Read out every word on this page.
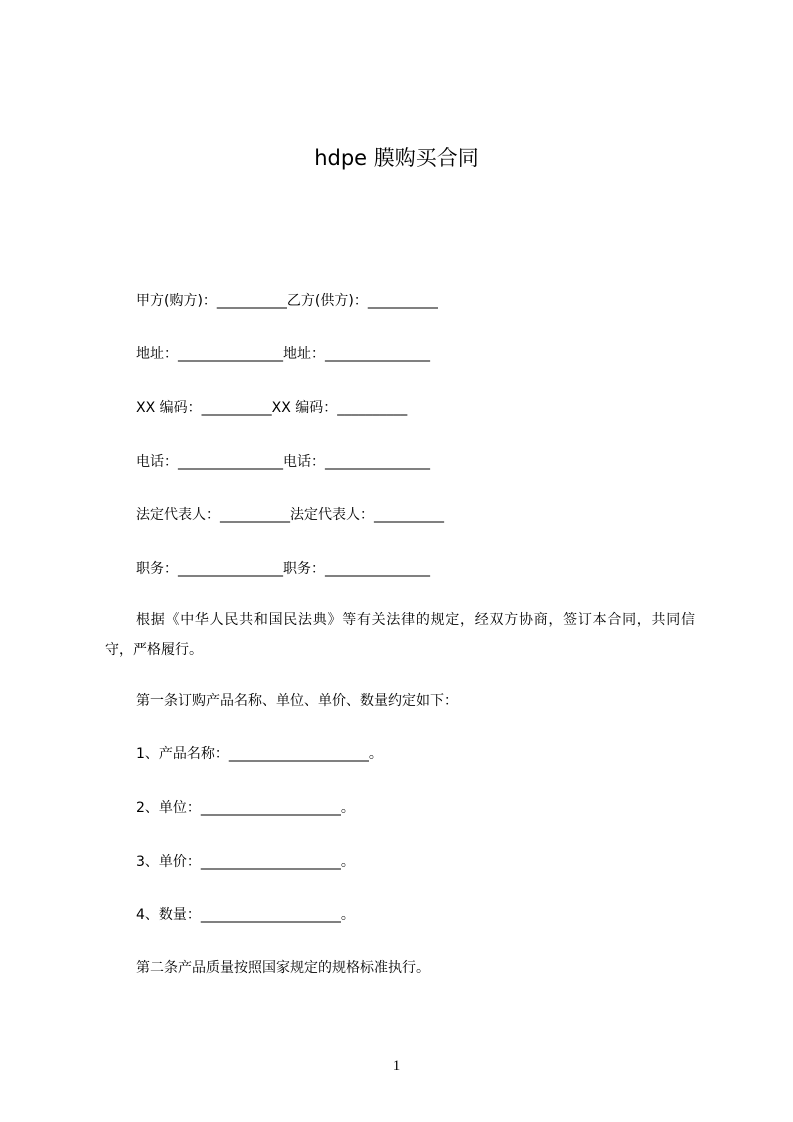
hdpe 膜购买合同
甲方(购方)：__________乙方(供方)：__________
地址：_______________地址：_______________
XX 编码：__________XX 编码：__________
电话：_______________电话：_______________
法定代表人：__________法定代表人：__________
职务：_______________职务：_______________
根据《中华人民共和国民法典》等有关法律的规定，经双方协商，签订本合同，共同信守，严格履行。
第一条订购产品名称、单位、单价、数量约定如下：
1、产品名称：____________________。
2、单位：____________________。
3、单价：____________________。
4、数量：____________________。
第二条产品质量按照国家规定的规格标准执行。
1
